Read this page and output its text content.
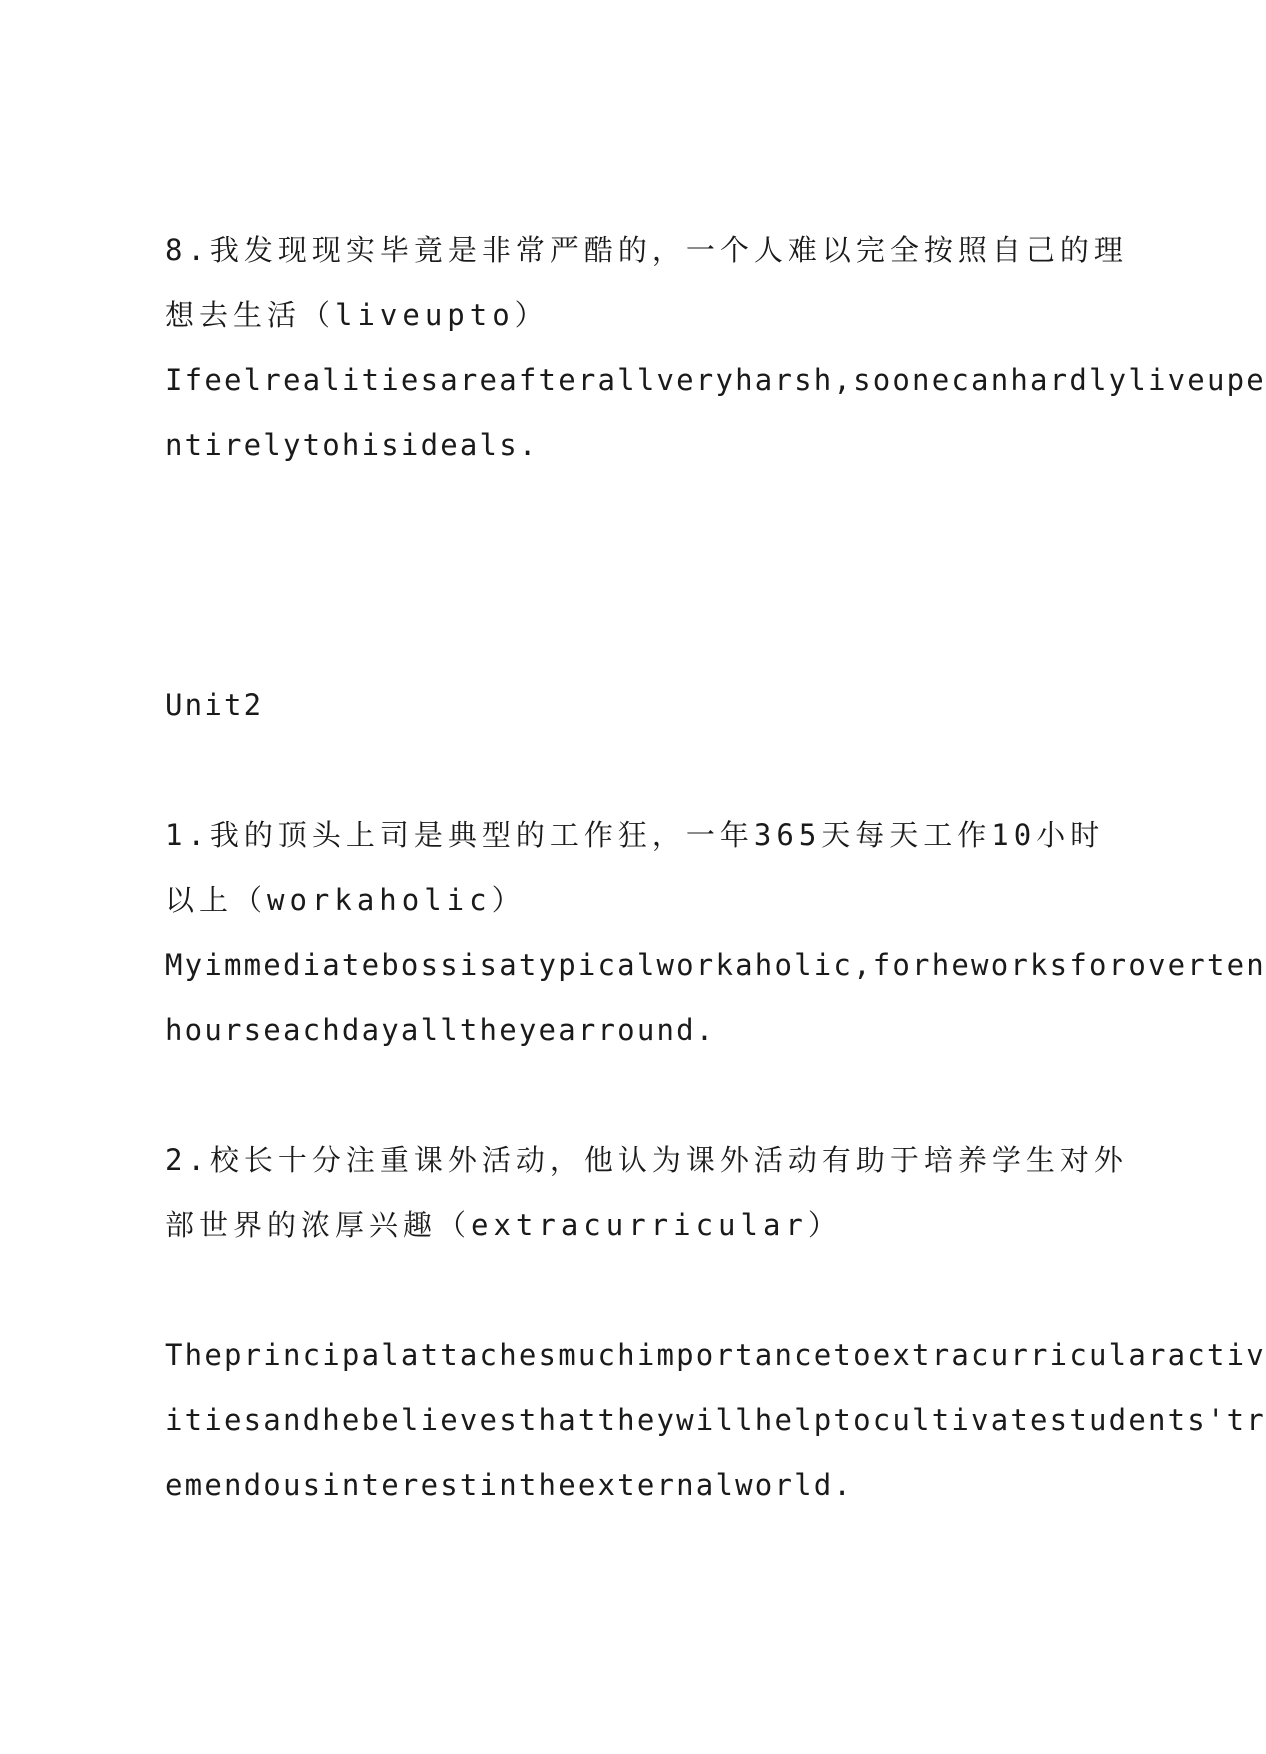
8.我发现现实毕竟是非常严酷的，一个人难以完全按照自己的理
想去生活（liveupto）
Ifeelrealitiesareafterallveryharsh,soonecanhardlyliveupe
ntirelytohisideals.
Unit2
1.我的顶头上司是典型的工作狂，一年365天每天工作10小时
以上（workaholic）
Myimmediatebossisatypicalworkaholic,forheworksforoverten
hourseachdayalltheyearround.
2.校长十分注重课外活动，他认为课外活动有助于培养学生对外
部世界的浓厚兴趣（extracurricular）
Theprincipalattachesmuchimportancetoextracurricularactiv
itiesandhebelievesthattheywillhelptocultivatestudents'tr
emendousinterestintheexternalworld.
